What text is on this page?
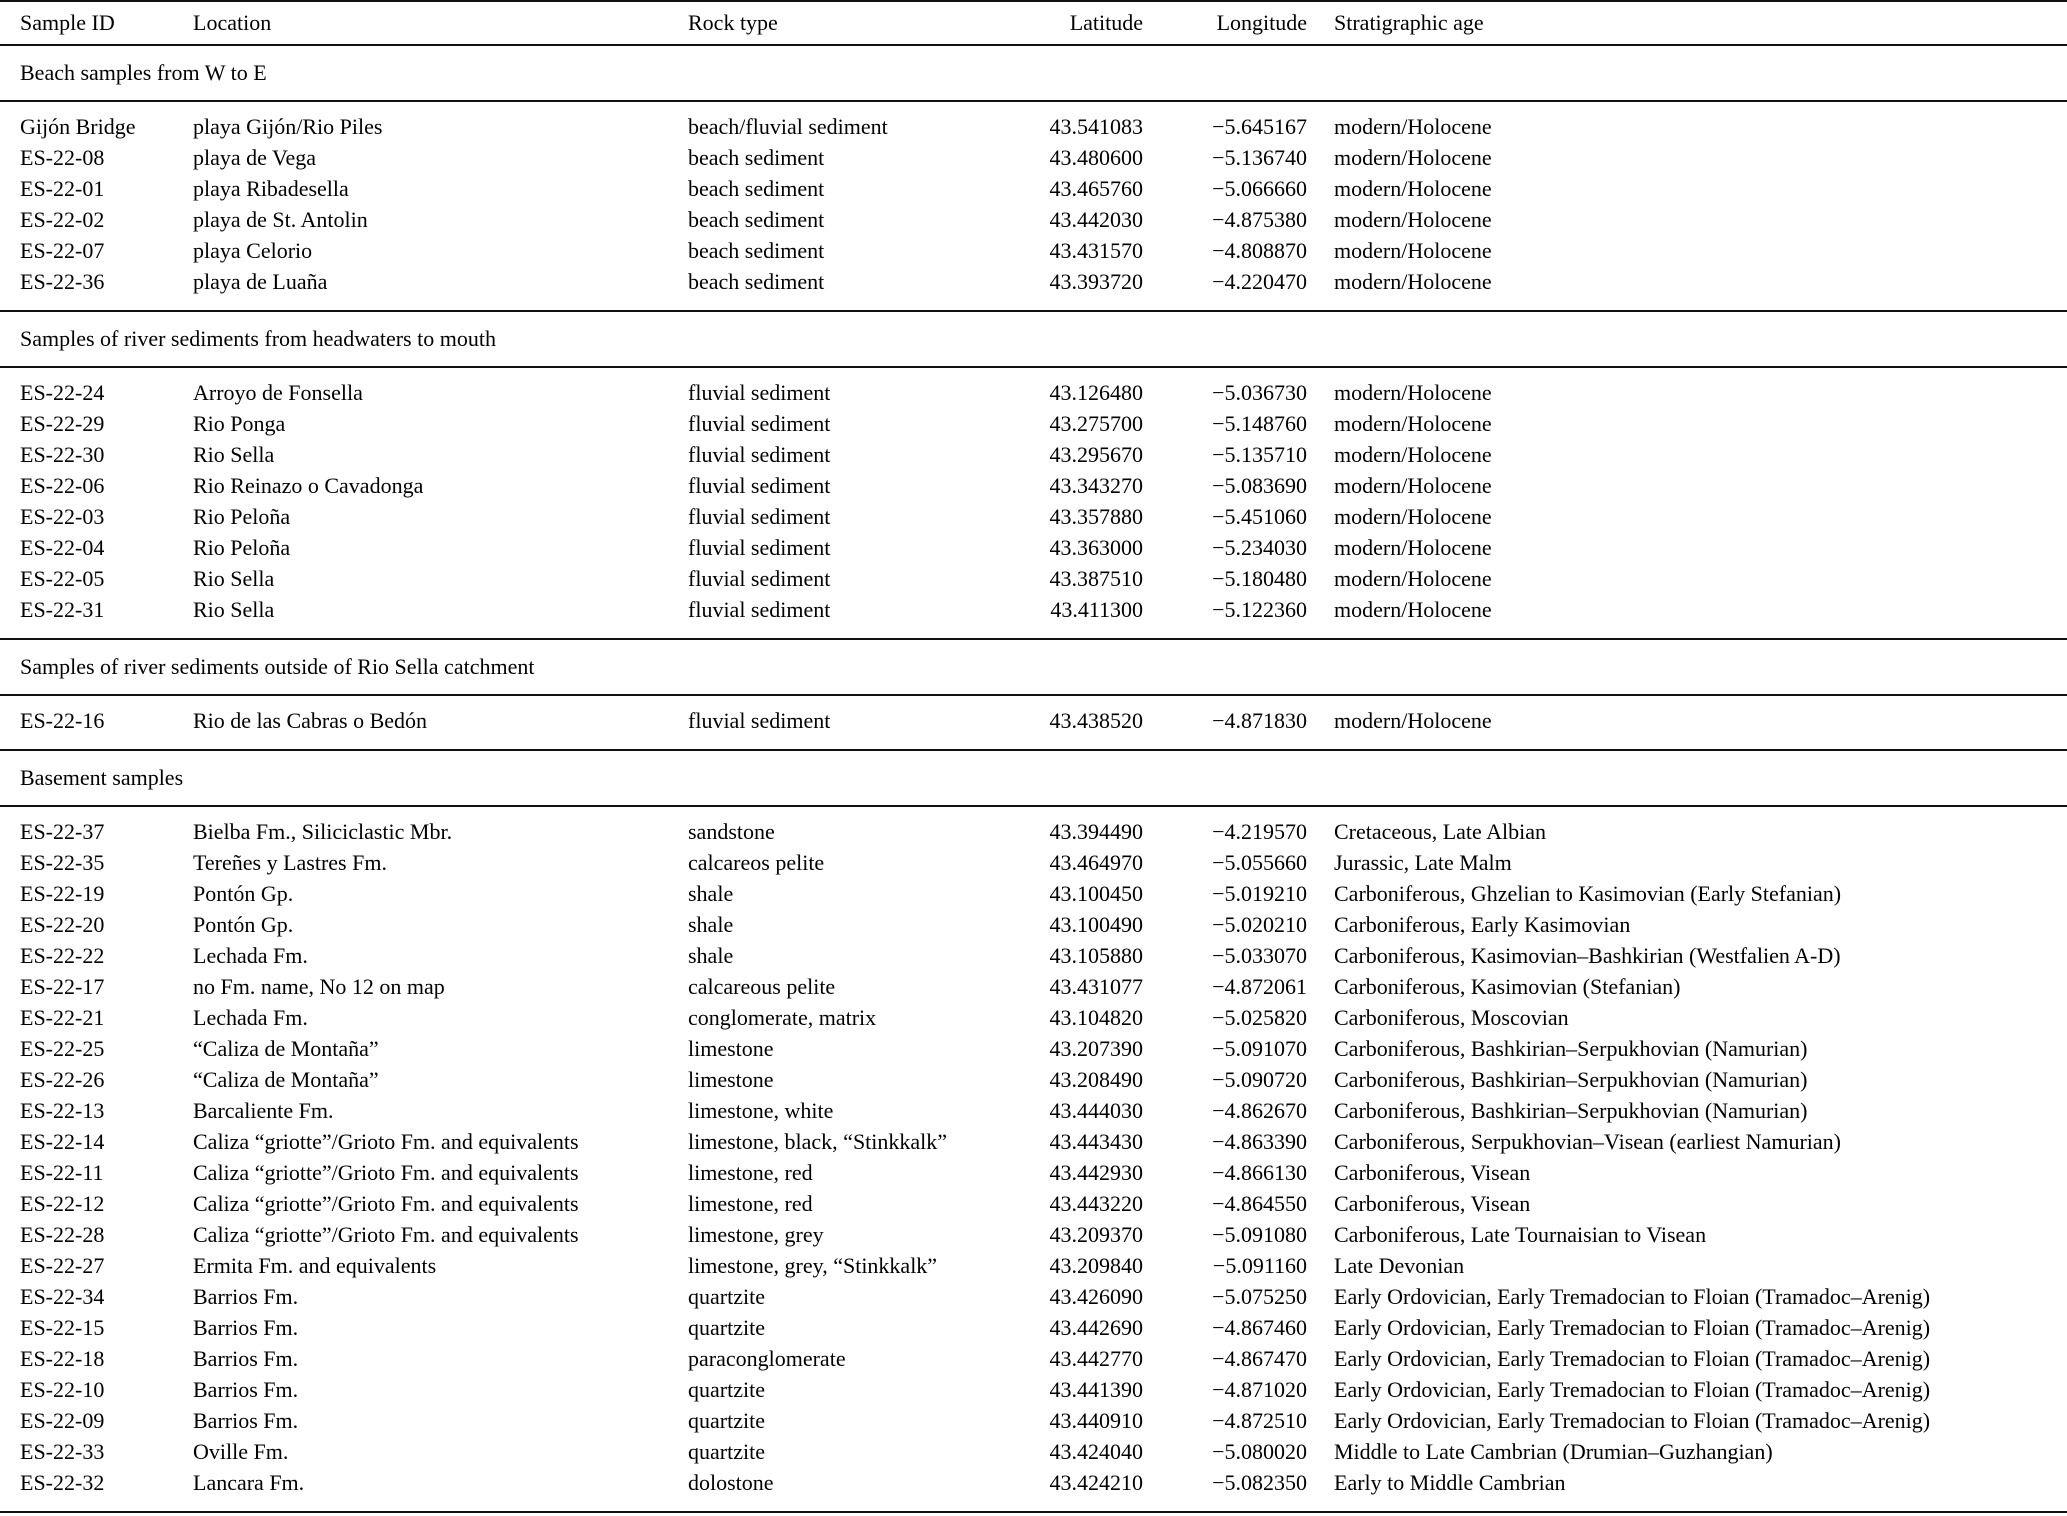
Sample ID	Location	Rock type	Latitude	Longitude	Stratigraphic age
Beach samples from W to E					
Gijón Bridge	playa Gijón/Rio Piles	beach/fluvial sediment	43.541083	−5.645167	modern/Holocene
ES-22-08	playa de Vega	beach sediment	43.480600	−5.136740	modern/Holocene
ES-22-01	playa Ribadesella	beach sediment	43.465760	−5.066660	modern/Holocene
ES-22-02	playa de St. Antolin	beach sediment	43.442030	−4.875380	modern/Holocene
ES-22-07	playa Celorio	beach sediment	43.431570	−4.808870	modern/Holocene
ES-22-36	playa de Luaña	beach sediment	43.393720	−4.220470	modern/Holocene
Samples of river sediments from headwaters to mouth					
ES-22-24	Arroyo de Fonsella	fluvial sediment	43.126480	−5.036730	modern/Holocene
ES-22-29	Rio Ponga	fluvial sediment	43.275700	−5.148760	modern/Holocene
ES-22-30	Rio Sella	fluvial sediment	43.295670	−5.135710	modern/Holocene
ES-22-06	Rio Reinazo o Cavadonga	fluvial sediment	43.343270	−5.083690	modern/Holocene
ES-22-03	Rio Peloña	fluvial sediment	43.357880	−5.451060	modern/Holocene
ES-22-04	Rio Peloña	fluvial sediment	43.363000	−5.234030	modern/Holocene
ES-22-05	Rio Sella	fluvial sediment	43.387510	−5.180480	modern/Holocene
ES-22-31	Rio Sella	fluvial sediment	43.411300	−5.122360	modern/Holocene
Samples of river sediments outside of Rio Sella catchment					
ES-22-16	Rio de las Cabras o Bedón	fluvial sediment	43.438520	−4.871830	modern/Holocene
Basement samples					
ES-22-37	Bielba Fm., Siliciclastic Mbr.	sandstone	43.394490	−4.219570	Cretaceous, Late Albian
ES-22-35	Tereñes y Lastres Fm.	calcareos pelite	43.464970	−5.055660	Jurassic, Late Malm
ES-22-19	Pontón Gp.	shale	43.100450	−5.019210	Carboniferous, Ghzelian to Kasimovian (Early Stefanian)
ES-22-20	Pontón Gp.	shale	43.100490	−5.020210	Carboniferous, Early Kasimovian
ES-22-22	Lechada Fm.	shale	43.105880	−5.033070	Carboniferous, Kasimovian–Bashkirian (Westfalien A-D)
ES-22-17	no Fm. name, No 12 on map	calcareous pelite	43.431077	−4.872061	Carboniferous, Kasimovian (Stefanian)
ES-22-21	Lechada Fm.	conglomerate, matrix	43.104820	−5.025820	Carboniferous, Moscovian
ES-22-25	“Caliza de Montaña”	limestone	43.207390	−5.091070	Carboniferous, Bashkirian–Serpukhovian (Namurian)
ES-22-26	“Caliza de Montaña”	limestone	43.208490	−5.090720	Carboniferous, Bashkirian–Serpukhovian (Namurian)
ES-22-13	Barcaliente Fm.	limestone, white	43.444030	−4.862670	Carboniferous, Bashkirian–Serpukhovian (Namurian)
ES-22-14	Caliza “griotte”/Grioto Fm. and equivalents	limestone, black, “Stinkkalk”	43.443430	−4.863390	Carboniferous, Serpukhovian–Visean (earliest Namurian)
ES-22-11	Caliza “griotte”/Grioto Fm. and equivalents	limestone, red	43.442930	−4.866130	Carboniferous, Visean
ES-22-12	Caliza “griotte”/Grioto Fm. and equivalents	limestone, red	43.443220	−4.864550	Carboniferous, Visean
ES-22-28	Caliza “griotte”/Grioto Fm. and equivalents	limestone, grey	43.209370	−5.091080	Carboniferous, Late Tournaisian to Visean
ES-22-27	Ermita Fm. and equivalents	limestone, grey, “Stinkkalk”	43.209840	−5.091160	Late Devonian
ES-22-34	Barrios Fm.	quartzite	43.426090	−5.075250	Early Ordovician, Early Tremadocian to Floian (Tramadoc–Arenig)
ES-22-15	Barrios Fm.	quartzite	43.442690	−4.867460	Early Ordovician, Early Tremadocian to Floian (Tramadoc–Arenig)
ES-22-18	Barrios Fm.	paraconglomerate	43.442770	−4.867470	Early Ordovician, Early Tremadocian to Floian (Tramadoc–Arenig)
ES-22-10	Barrios Fm.	quartzite	43.441390	−4.871020	Early Ordovician, Early Tremadocian to Floian (Tramadoc–Arenig)
ES-22-09	Barrios Fm.	quartzite	43.440910	−4.872510	Early Ordovician, Early Tremadocian to Floian (Tramadoc–Arenig)
ES-22-33	Oville Fm.	quartzite	43.424040	−5.080020	Middle to Late Cambrian (Drumian–Guzhangian)
ES-22-32	Lancara Fm.	dolostone	43.424210	−5.082350	Early to Middle Cambrian
